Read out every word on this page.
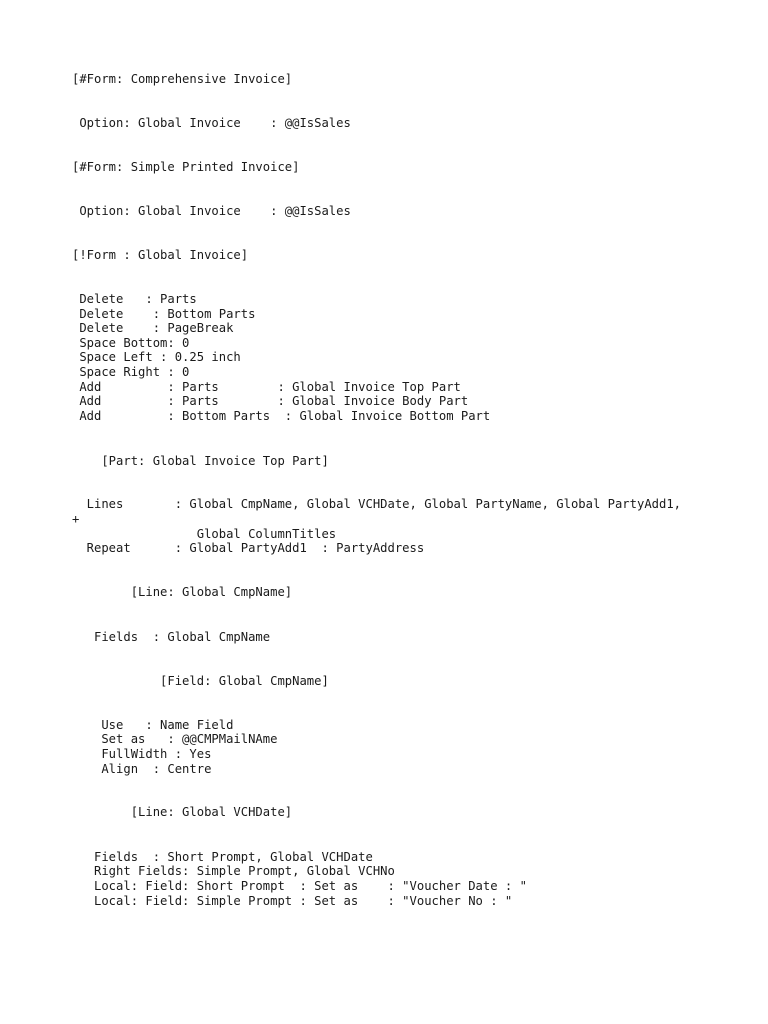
[#Form: Comprehensive Invoice]
Option: Global Invoice    : @@IsSales
[#Form: Simple Printed Invoice]
Option: Global Invoice    : @@IsSales
[!Form : Global Invoice]
Delete   : Parts
Delete    : Bottom Parts
Delete    : PageBreak
Space Bottom: 0
Space Left : 0.25 inch
Space Right : 0
Add         : Parts        : Global Invoice Top Part
Add         : Parts        : Global Invoice Body Part
Add         : Bottom Parts  : Global Invoice Bottom Part
[Part: Global Invoice Top Part]
Lines       : Global CmpName, Global VCHDate, Global PartyName, Global PartyAdd1,
+
Global ColumnTitles
Repeat      : Global PartyAdd1  : PartyAddress
[Line: Global CmpName]
Fields  : Global CmpName
[Field: Global CmpName]
Use   : Name Field
Set as   : @@CMPMailNAme
FullWidth : Yes
Align  : Centre
[Line: Global VCHDate]
Fields  : Short Prompt, Global VCHDate
Right Fields: Simple Prompt, Global VCHNo
Local: Field: Short Prompt  : Set as    : "Voucher Date : "
Local: Field: Simple Prompt : Set as    : "Voucher No : "
